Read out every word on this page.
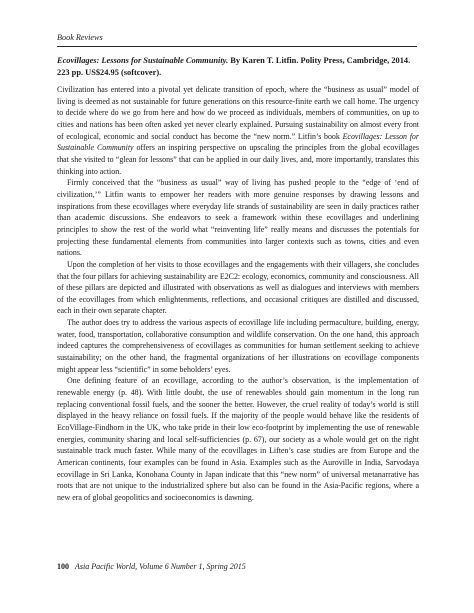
Book Reviews

Ecovillages: Lessons for Sustainable Community. By Karen T. Litfin. Polity Press, Cambridge, 2014. 223 pp. US$24.95 (softcover).

Civilization has entered into a pivotal yet delicate transition of epoch, where the “business as usual” model of living is deemed as not sustainable for future generations on this resource-finite earth we call home. The urgency to decide where do we go from here and how do we proceed as individuals, members of communities, on up to cities and nations has been often asked yet never clearly explained. Pursuing sustainability on almost every front of ecological, economic and social conduct has become the “new norm.” Litfin’s book Ecovillages: Lesson for Sustainable Community offers an inspiring perspective on upscaling the principles from the global ecovillages that she visited to “glean for lessons” that can be applied in our daily lives, and, more importantly, translates this thinking into action.

Firmly conceived that the “business as usual” way of living has pushed people to the “edge of ‘end of civilization,’” Litfin wants to empower her readers with more genuine responses by drawing lessons and inspirations from these ecovillages where everyday life strands of sustainability are seen in daily practices rather than academic discussions. She endeavors to seek a framework within these ecovillages and underlining principles to show the rest of the world what “reinventing life” really means and discusses the potentials for projecting these fundamental elements from communities into larger contexts such as towns, cities and even nations.

Upon the completion of her visits to those ecovillages and the engagements with their villagers, she concludes that the four pillars for achieving sustainability are E2C2: ecology, economics, community and consciousness. All of these pillars are depicted and illustrated with observations as well as dialogues and interviews with members of the ecovillages from which enlightenments, reflections, and occasional critiques are distilled and discussed, each in their own separate chapter.

The author does try to address the various aspects of ecovillage life including permaculture, building, energy, water, food, transportation, collaborative consumption and wildlife conservation. On the one hand, this approach indeed captures the comprehensiveness of ecovillages as communities for human settlement seeking to achieve sustainability; on the other hand, the fragmental organizations of her illustrations on ecovillage components might appear less “scientific” in some beholders’ eyes.

One defining feature of an ecovillage, according to the author’s observation, is the implementation of renewable energy (p. 48). With little doubt, the use of renewables should gain momentum in the long run replacing conventional fossil fuels, and the sooner the better. However, the cruel reality of today’s world is still displayed in the heavy reliance on fossil fuels. If the majority of the people would behave like the residents of EcoVillage-Findhorn in the UK, who take pride in their low eco-footprint by implementing the use of renewable energies, community sharing and local self-sufficiencies (p. 67), our society as a whole would get on the right sustainable track much faster. While many of the ecovillages in Liften’s case studies are from Europe and the American continents, four examples can be found in Asia. Examples such as the Auroville in India, Sarvodaya ecovillage in Sri Lanka, Konohana County in Japan indicate that this “new norm” of universal metanarrative has roots that are not unique to the industrialized sphere but also can be found in the Asia-Pacific regions, where a new era of global geopolitics and socioeconomics is dawning.

100 Asia Pacific World, Volume 6 Number 1, Spring 2015
